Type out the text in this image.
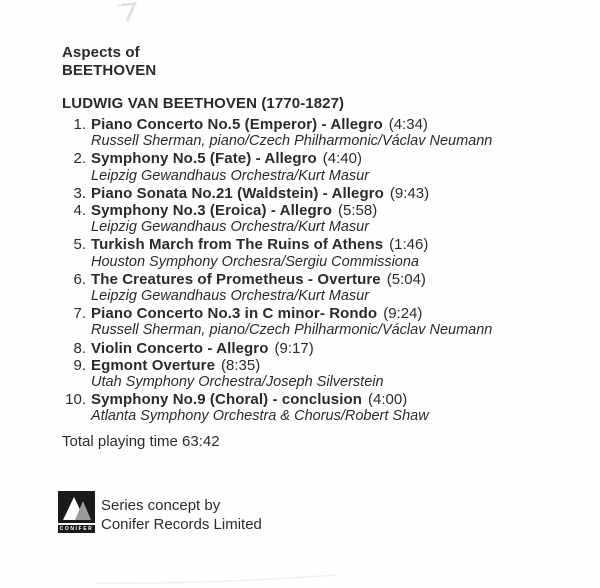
Aspects of
BEETHOVEN
LUDWIG VAN BEETHOVEN (1770-1827)
1. Piano Concerto No.5 (Emperor) - Allegro (4:34)
Russell Sherman, piano/Czech Philharmonic/Václav Neumann
2. Symphony No.5 (Fate) - Allegro (4:40)
Leipzig Gewandhaus Orchestra/Kurt Masur
3. Piano Sonata No.21 (Waldstein) - Allegro (9:43)
4. Symphony No.3 (Eroica) - Allegro (5:58)
Leipzig Gewandhaus Orchestra/Kurt Masur
5. Turkish March from The Ruins of Athens (1:46)
Houston Symphony Orchesra/Sergiu Commissiona
6. The Creatures of Prometheus - Overture (5:04)
Leipzig Gewandhaus Orchestra/Kurt Masur
7. Piano Concerto No.3 in C minor- Rondo (9:24)
Russell Sherman, piano/Czech Philharmonic/Václav Neumann
8. Violin Concerto - Allegro (9:17)
9. Egmont Overture (8:35)
Utah Symphony Orchestra/Joseph Silverstein
10. Symphony No.9 (Choral) - conclusion (4:00)
Atlanta Symphony Orchestra & Chorus/Robert Shaw
Total playing time 63:42
CONIFER
Series concept by
Conifer Records Limited
